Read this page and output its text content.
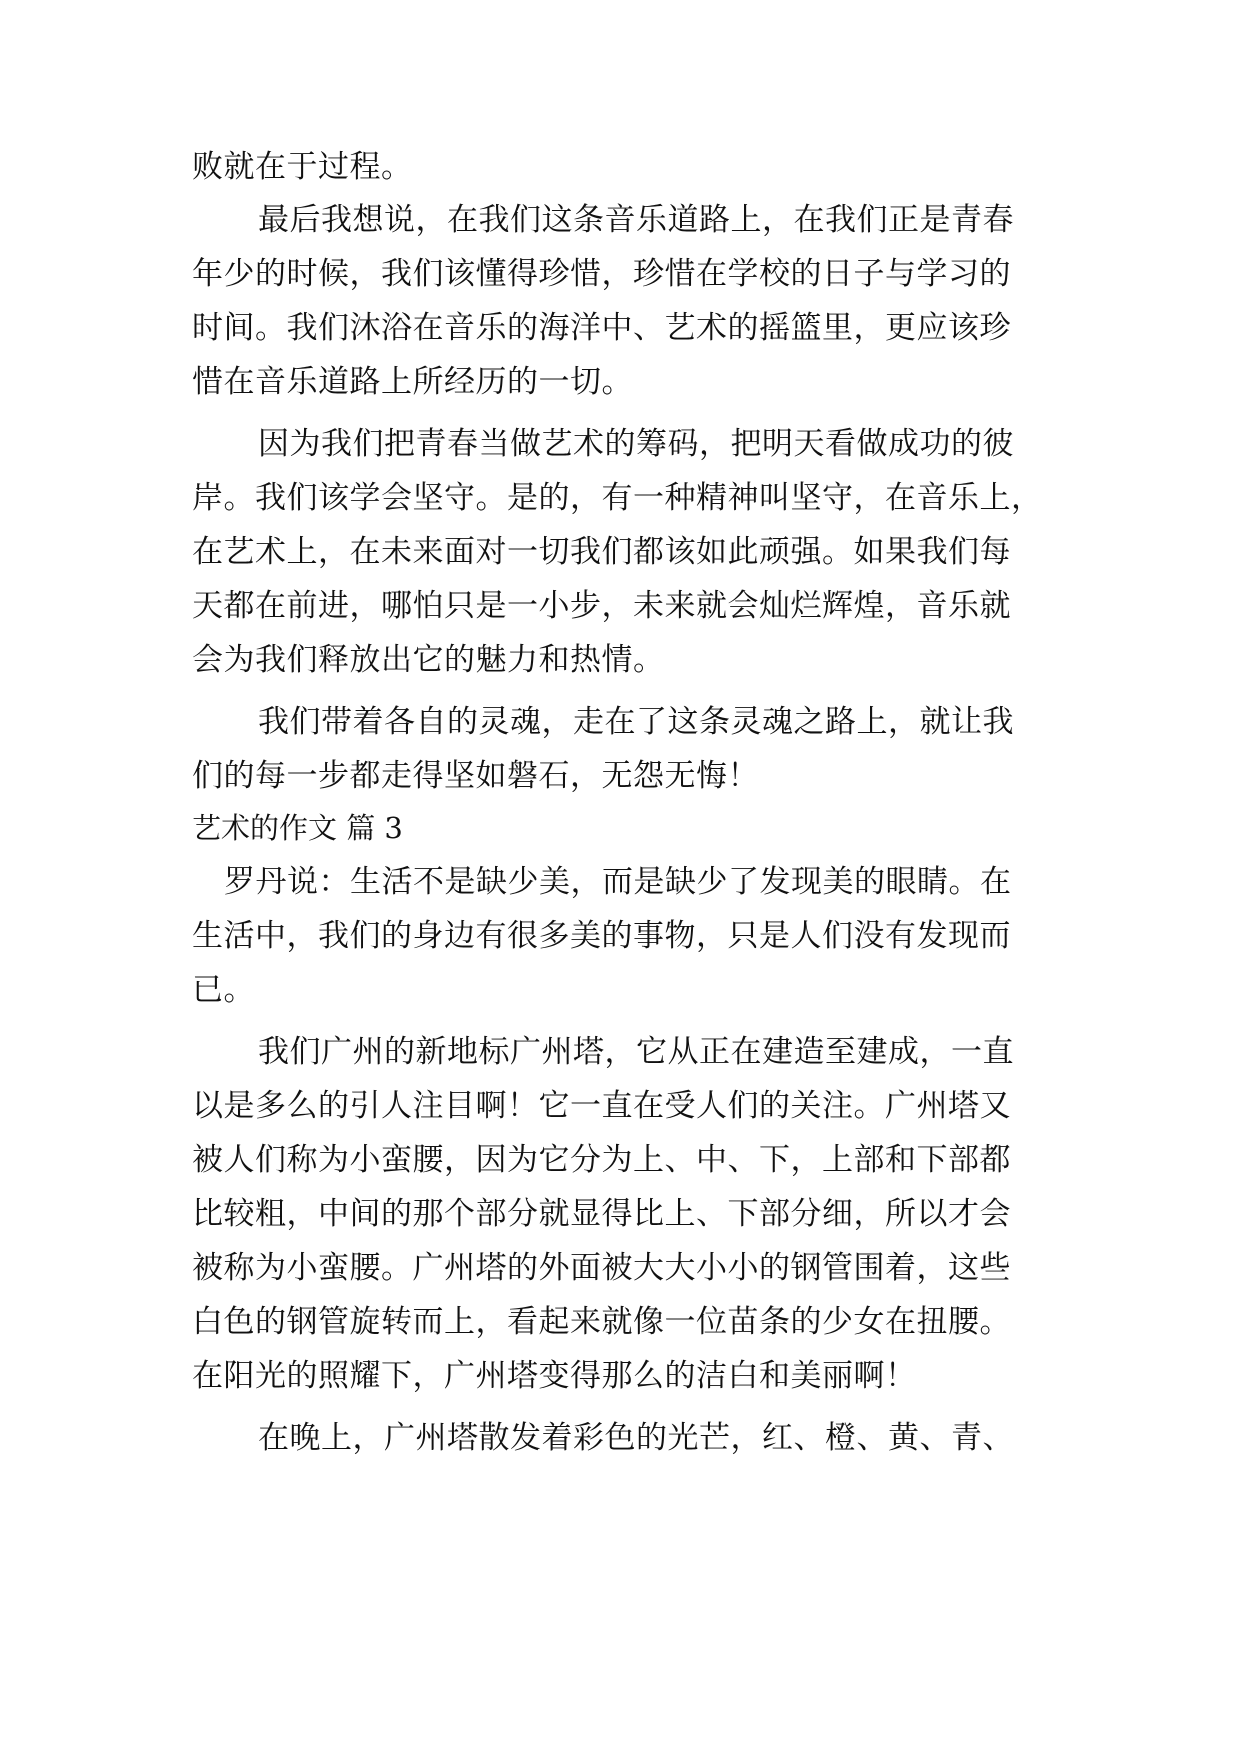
败就在于过程。
最后我想说，在我们这条音乐道路上，在我们正是青春
年少的时候，我们该懂得珍惜，珍惜在学校的日子与学习的
时间。我们沐浴在音乐的海洋中、艺术的摇篮里，更应该珍
惜在音乐道路上所经历的一切。
因为我们把青春当做艺术的筹码，把明天看做成功的彼
岸。我们该学会坚守。是的，有一种精神叫坚守，在音乐上，
在艺术上，在未来面对一切我们都该如此顽强。如果我们每
天都在前进，哪怕只是一小步，未来就会灿烂辉煌，音乐就
会为我们释放出它的魅力和热情。
我们带着各自的灵魂，走在了这条灵魂之路上，就让我
们的每一步都走得坚如磐石，无怨无悔！
艺术的作文 篇 3
罗丹说：生活不是缺少美，而是缺少了发现美的眼睛。在
生活中，我们的身边有很多美的事物，只是人们没有发现而
已。
我们广州的新地标广州塔，它从正在建造至建成，一直
以是多么的引人注目啊！它一直在受人们的关注。广州塔又
被人们称为小蛮腰，因为它分为上、中、下，上部和下部都
比较粗，中间的那个部分就显得比上、下部分细，所以才会
被称为小蛮腰。广州塔的外面被大大小小的钢管围着，这些
白色的钢管旋转而上，看起来就像一位苗条的少女在扭腰。
在阳光的照耀下，广州塔变得那么的洁白和美丽啊！
在晚上，广州塔散发着彩色的光芒，红、橙、黄、青、
